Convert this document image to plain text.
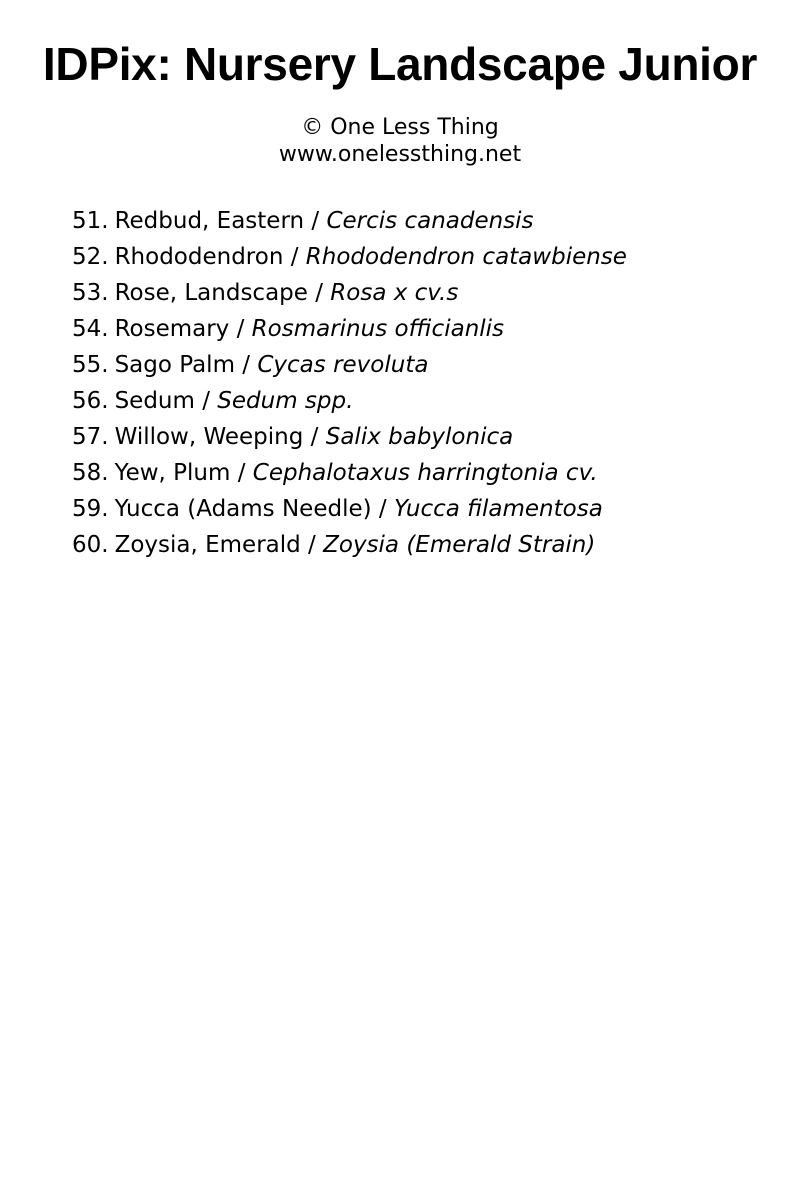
IDPix: Nursery Landscape Junior
© One Less Thing
www.onelessthing.net
51. Redbud, Eastern / Cercis canadensis
52. Rhododendron / Rhododendron catawbiense
53. Rose, Landscape / Rosa x cv.s
54. Rosemary / Rosmarinus officianlis
55. Sago Palm / Cycas revoluta
56. Sedum / Sedum spp.
57. Willow, Weeping / Salix babylonica
58. Yew, Plum / Cephalotaxus harringtonia cv.
59. Yucca (Adams Needle) / Yucca filamentosa
60. Zoysia, Emerald / Zoysia (Emerald Strain)
